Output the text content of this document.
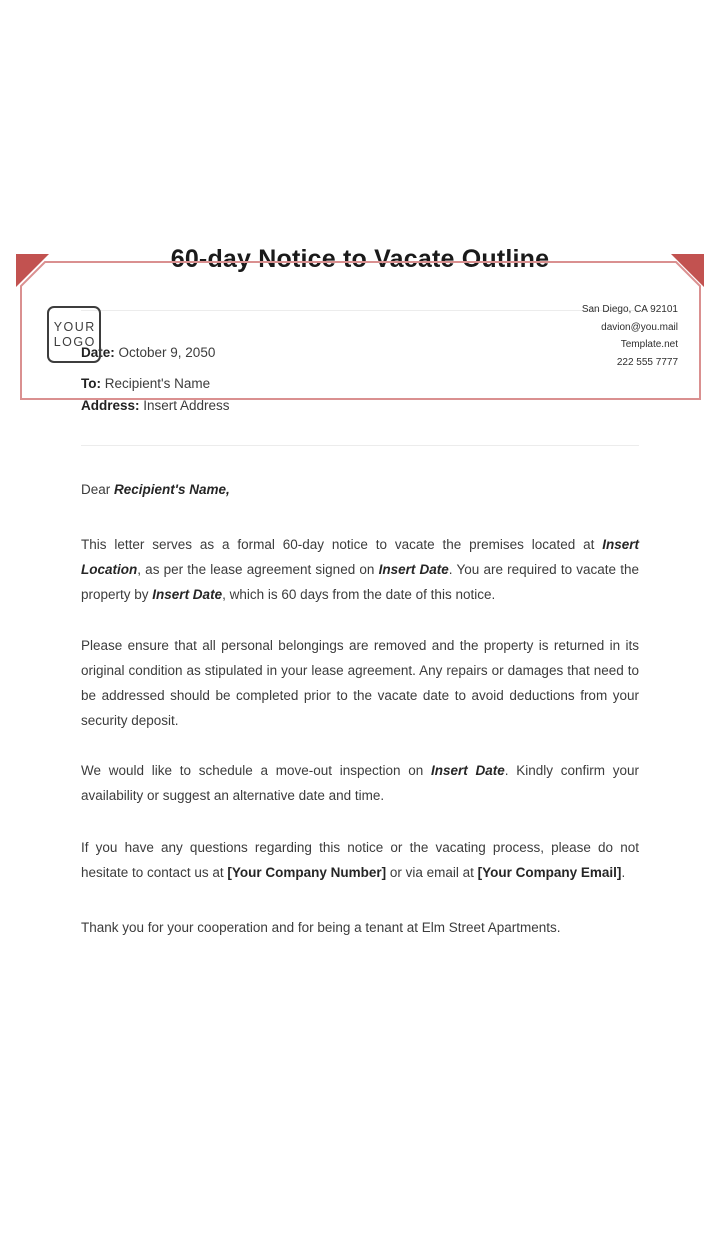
YOUR
LOGO
San Diego, CA 92101
davion@you.mail
Template.net
222 555 7777
60-day Notice to Vacate Outline
Date: October 9, 2050
To: Recipient's Name
Address: Insert Address

Dear Recipient's Name,

This letter serves as a formal 60-day notice to vacate the premises located at Insert Location, as per the lease agreement signed on Insert Date. You are required to vacate the property by Insert Date, which is 60 days from the date of this notice.

Please ensure that all personal belongings are removed and the property is returned in its original condition as stipulated in your lease agreement. Any repairs or damages that need to be addressed should be completed prior to the vacate date to avoid deductions from your security deposit.

We would like to schedule a move-out inspection on Insert Date. Kindly confirm your availability or suggest an alternative date and time.

If you have any questions regarding this notice or the vacating process, please do not hesitate to contact us at [Your Company Number] or via email at [Your Company Email].

Thank you for your cooperation and for being a tenant at Elm Street Apartments.
